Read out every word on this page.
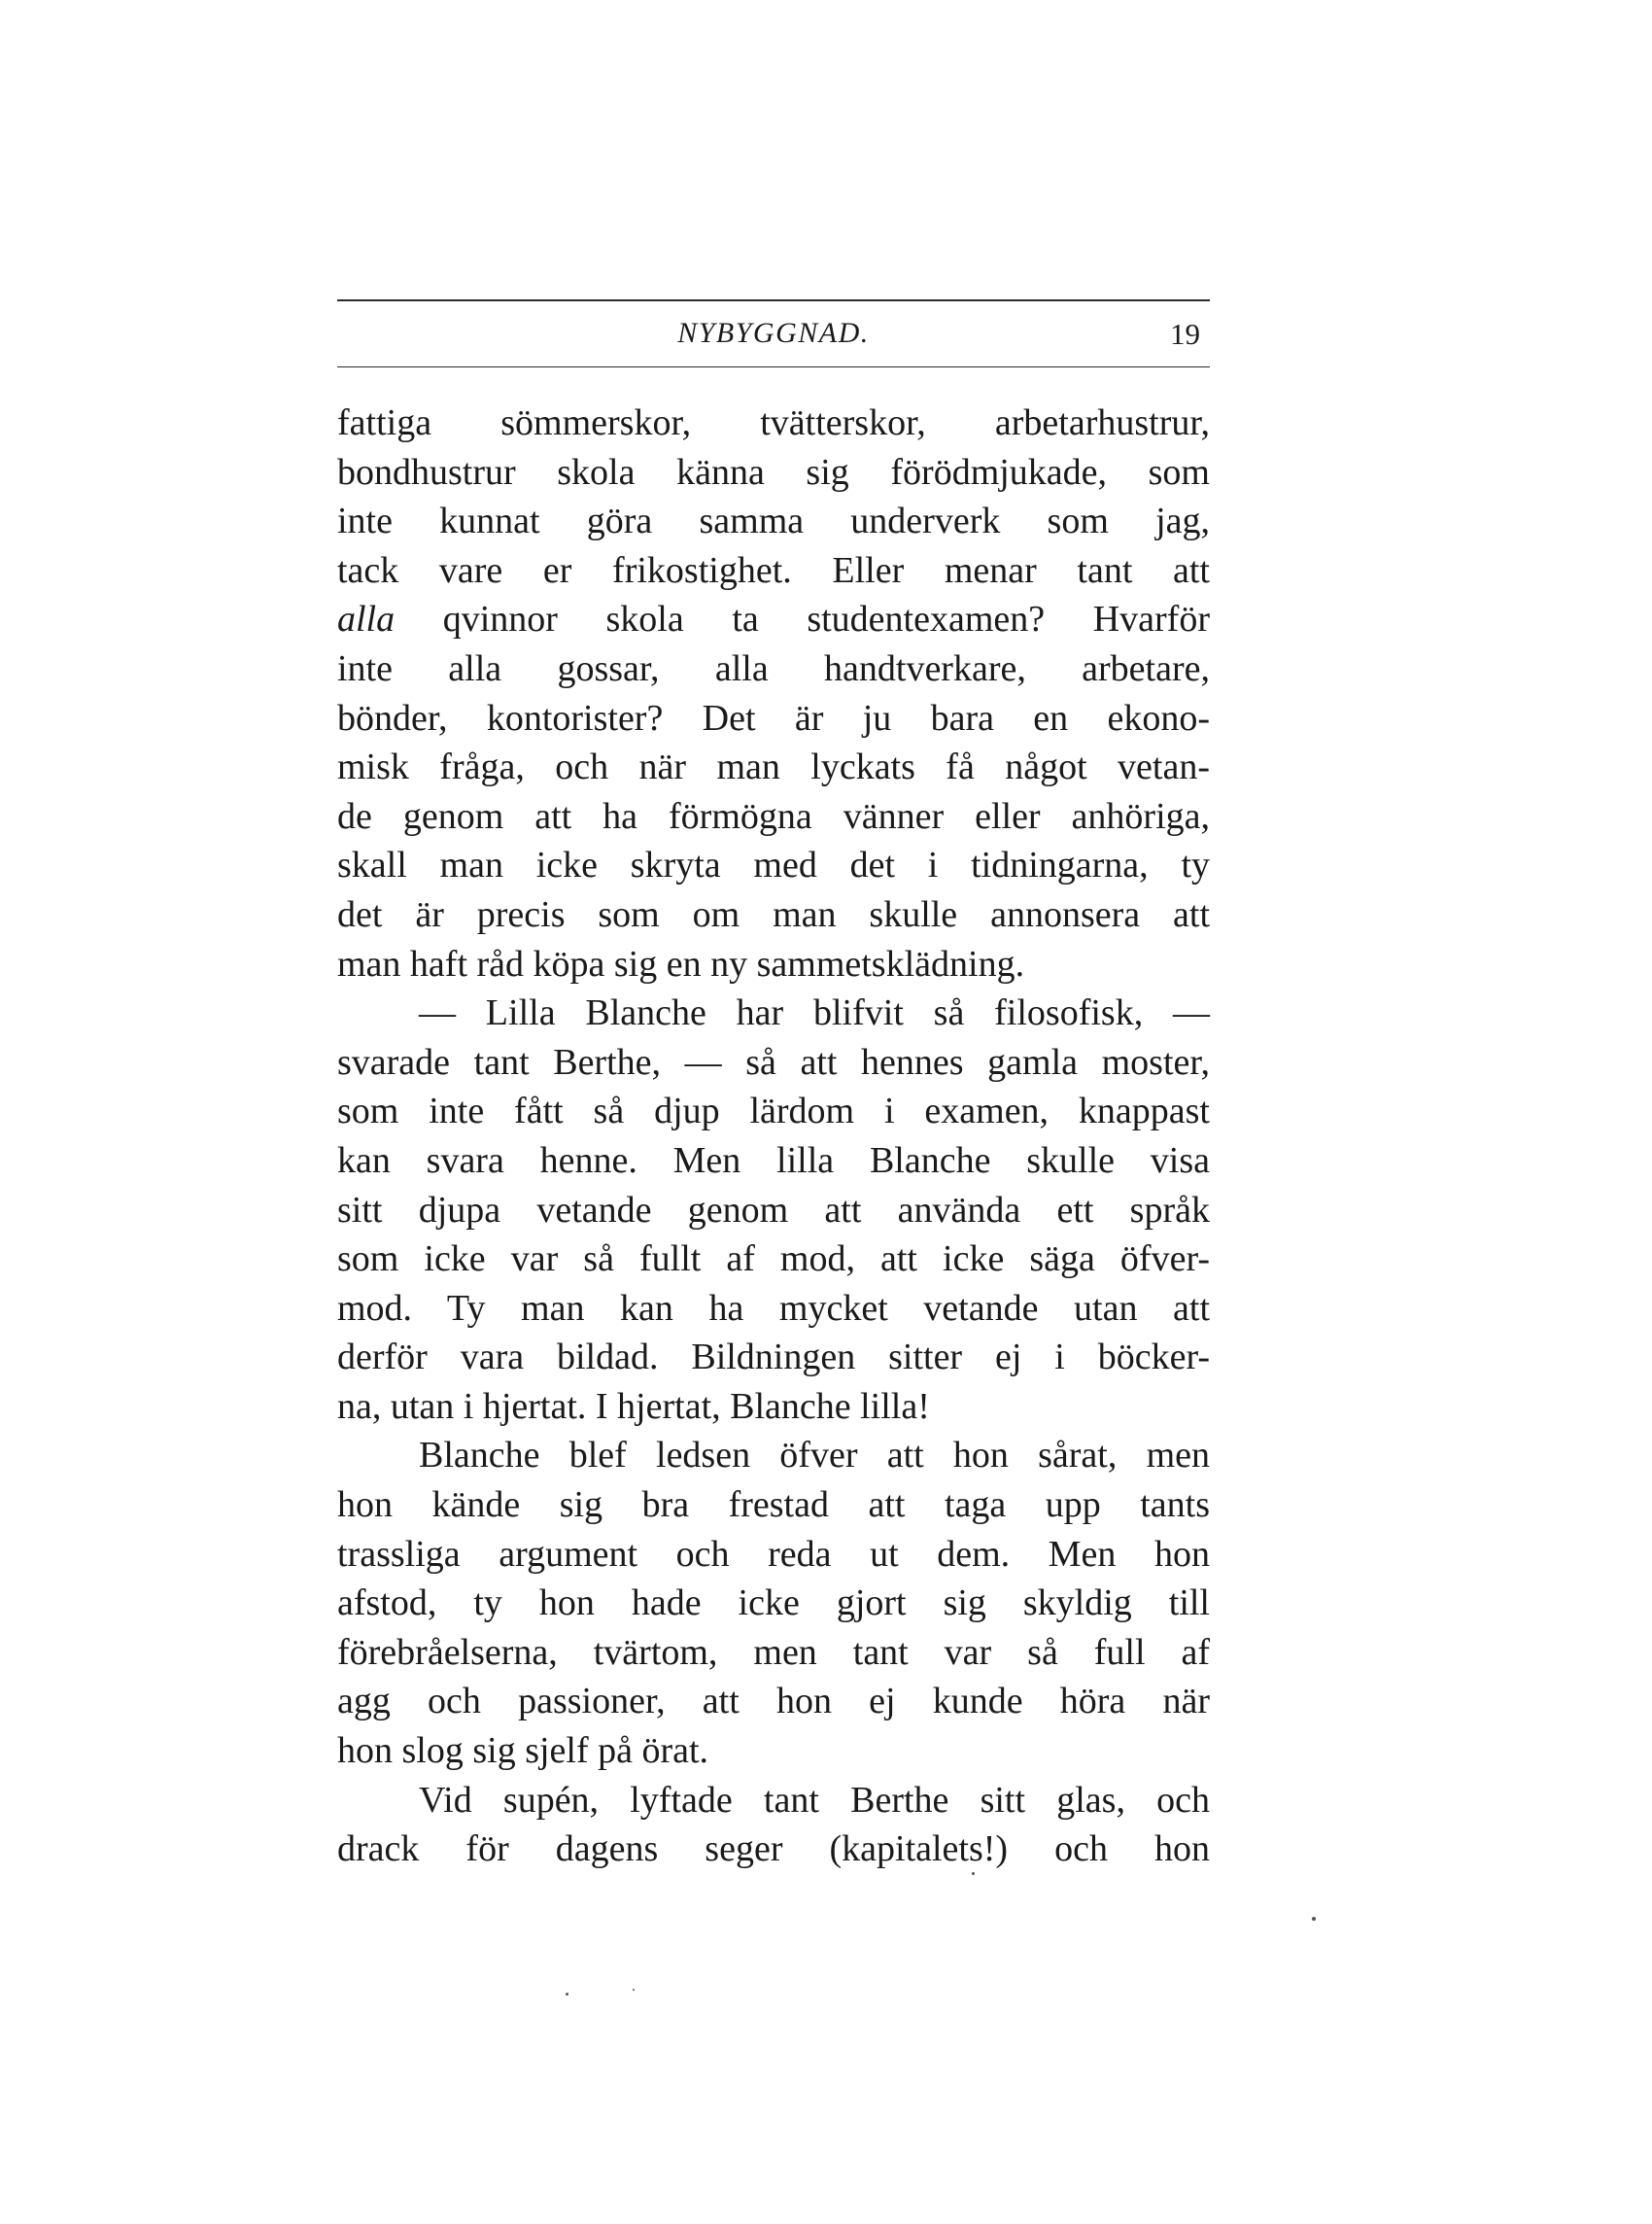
NYBYGGNAD.	19
fattiga sömmerskor, tvätterskor, arbetarhustrur,
bondhustrur skola känna sig förödmjukade, som
inte kunnat göra samma underverk som jag,
tack vare er frikostighet. Eller menar tant att
alla qvinnor skola ta studentexamen? Hvarför
inte alla gossar, alla handtverkare, arbetare,
bönder, kontorister? Det är ju bara en ekono-
misk fråga, och när man lyckats få något vetan-
de genom att ha förmögna vänner eller anhöriga,
skall man icke skryta med det i tidningarna, ty
det är precis som om man skulle annonsera att
man haft råd köpa sig en ny sammetsklädning.
— Lilla Blanche har blifvit så filosofisk, —
svarade tant Berthe, — så att hennes gamla moster,
som inte fått så djup lärdom i examen, knappast
kan svara henne. Men lilla Blanche skulle visa
sitt djupa vetande genom att använda ett språk
som icke var så fullt af mod, att icke säga öfver-
mod. Ty man kan ha mycket vetande utan att
derför vara bildad. Bildningen sitter ej i böcker-
na, utan i hjertat. I hjertat, Blanche lilla!
Blanche blef ledsen öfver att hon sårat, men
hon kände sig bra frestad att taga upp tants
trassliga argument och reda ut dem. Men hon
afstod, ty hon hade icke gjort sig skyldig till
förebråelserna, tvärtom, men tant var så full af
agg och passioner, att hon ej kunde höra när
hon slog sig sjelf på örat.
Vid supén, lyftade tant Berthe sitt glas, och
drack för dagens seger (kapitalets!) och hon
